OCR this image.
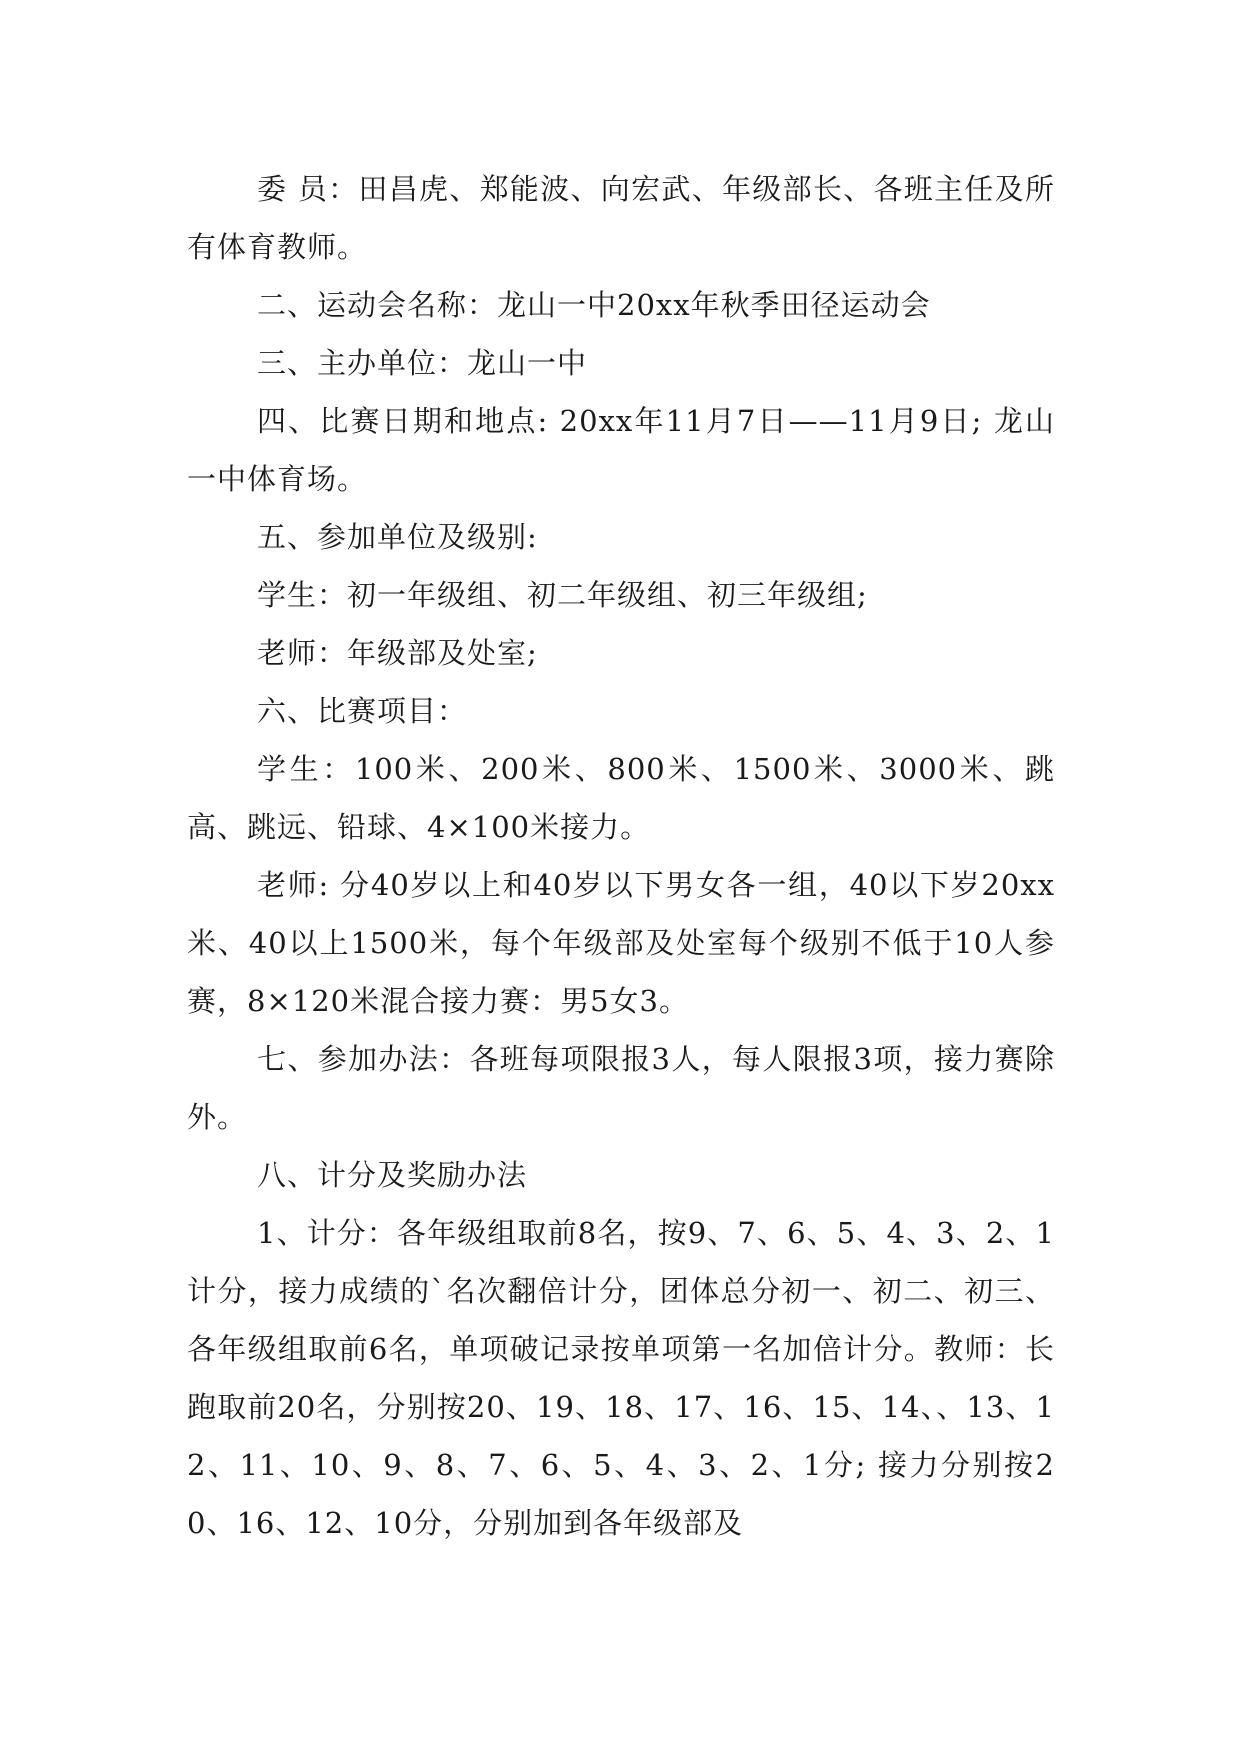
委 员：田昌虎、郑能波、向宏武、年级部长、各班主任及所有体育教师。

二、运动会名称：龙山一中20xx年秋季田径运动会

三、主办单位：龙山一中

四、比赛日期和地点: 20xx年11月7日——11月9日; 龙山一中体育场。

五、参加单位及级别:

学生：初一年级组、初二年级组、初三年级组;

老师：年级部及处室;

六、比赛项目：

学生：100米、200米、800米、1500米、3000米、跳高、跳远、铅球、4×100米接力。

老师: 分40岁以上和40岁以下男女各一组，40以下岁20xx米、40以上1500米，每个年级部及处室每个级别不低于10人参赛，8×120米混合接力赛：男5女3。

七、参加办法：各班每项限报3人，每人限报3项，接力赛除外。

八、计分及奖励办法

1、计分：各年级组取前8名，按9、7、6、5、4、3、2、1计分，接力成绩的`名次翻倍计分，团体总分初一、初二、初三、各年级组取前6名，单项破记录按单项第一名加倍计分。教师：长跑取前20名，分别按20、19、18、17、16、15、14、、13、12、11、10、9、8、7、6、5、4、3、2、1分; 接力分别按20、16、12、10分，分别加到各年级部及
